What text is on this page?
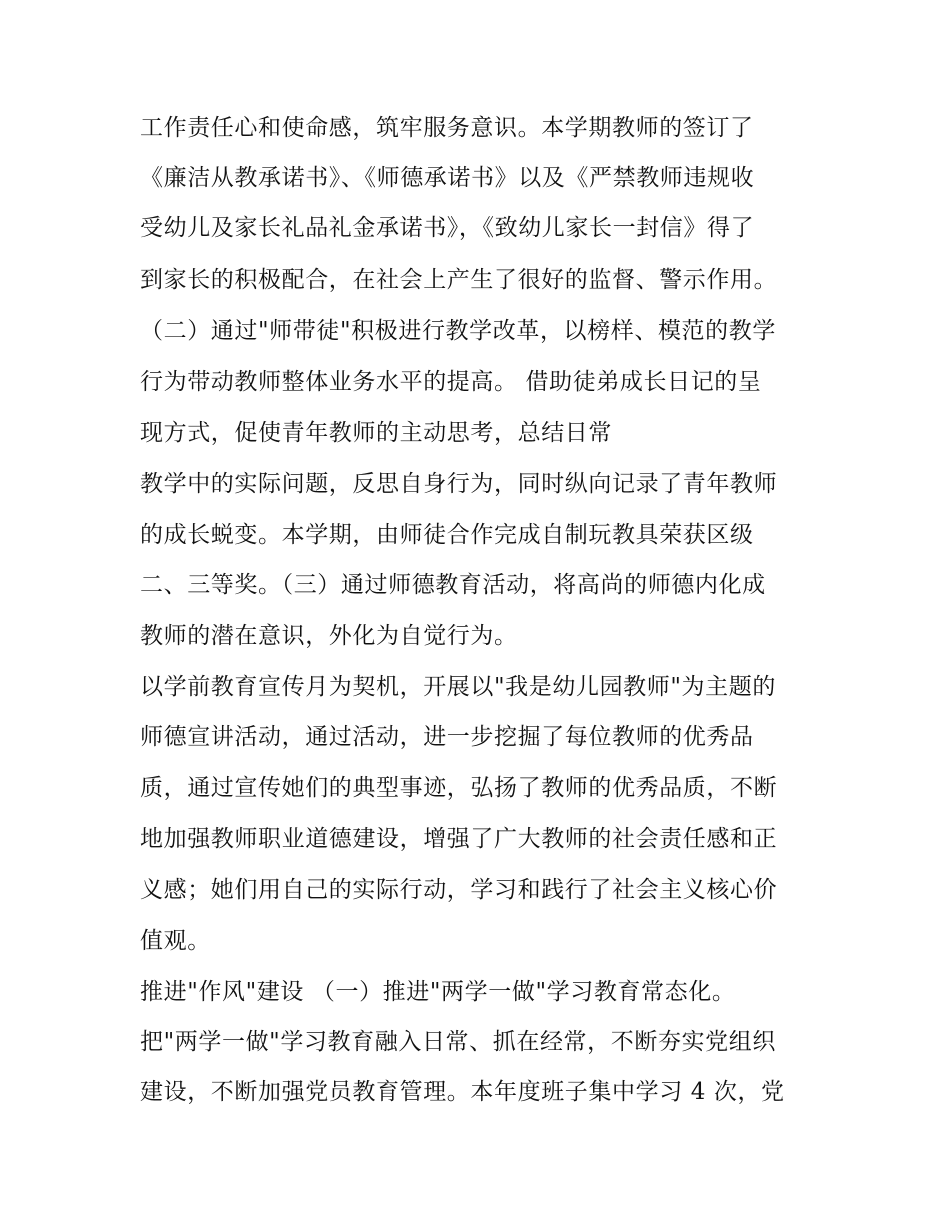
工作责任心和使命感，筑牢服务意识。本学期教师的签订了
《廉洁从教承诺书》、《师德承诺书》以及《严禁教师违规收
受幼儿及家长礼品礼金承诺书》，《致幼儿家长一封信》得了
到家长的积极配合，在社会上产生了很好的监督、警示作用。
（二）通过"师带徒"积极进行教学改革，以榜样、模范的教学
行为带动教师整体业务水平的提高。 借助徒弟成长日记的呈
现方式，促使青年教师的主动思考，总结日常
教学中的实际问题，反思自身行为，同时纵向记录了青年教师
的成长蜕变。本学期，由师徒合作完成自制玩教具荣获区级
二、三等奖。（三）通过师德教育活动，将高尚的师德内化成
教师的潜在意识，外化为自觉行为。
以学前教育宣传月为契机，开展以"我是幼儿园教师"为主题的
师德宣讲活动，通过活动，进一步挖掘了每位教师的优秀品
质，通过宣传她们的典型事迹，弘扬了教师的优秀品质，不断
地加强教师职业道德建设，增强了广大教师的社会责任感和正
义感；她们用自己的实际行动，学习和践行了社会主义核心价
值观。
推进"作风"建设 （一）推进"两学一做"学习教育常态化。
把"两学一做"学习教育融入日常、抓在经常，不断夯实党组织
建设，不断加强党员教育管理。本年度班子集中学习 4 次，党
